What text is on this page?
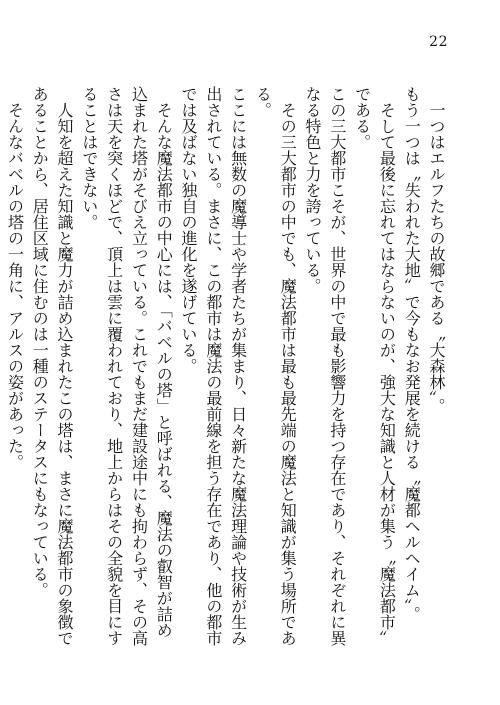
22

一つはエルフたちの故郷である〝大森林〟。

もう一つは〝失われた大地〟で今もなお発展を続ける〝魔都ヘルヘイム〟。

そして最後に忘れてはならないのが、強大な知識と人材が集う〝魔法都市〟である。

この三大都市こそが、世界の中で最も影響力を持つ存在であり、それぞれに異なる特色と力を誇っている。

その三大都市の中でも、魔法都市は最も最先端の魔法と知識が集う場所である。

ここには無数の魔導士や学者たちが集まり、日々新たな魔法理論や技術が生み出されている。まさに、この都市は魔法の最前線を担う存在であり、他の都市では及ばない独自の進化を遂げている。

そんな魔法都市の中心には、「バベルの塔」と呼ばれる、魔法の叡智が詰め込まれた塔がそびえ立っている。これでもまだ建設途中にも拘わらず、その高さは天を突くほどで、頂上は雲に覆われており、地上からはその全貌を目にすることはできない。

人知を超えた知識と魔力が詰め込まれたこの塔は、まさに魔法都市の象徴であることから、居住区域に住むのは一種のステータスにもなっている。

そんなバベルの塔の一角に、アルスの姿があった。
